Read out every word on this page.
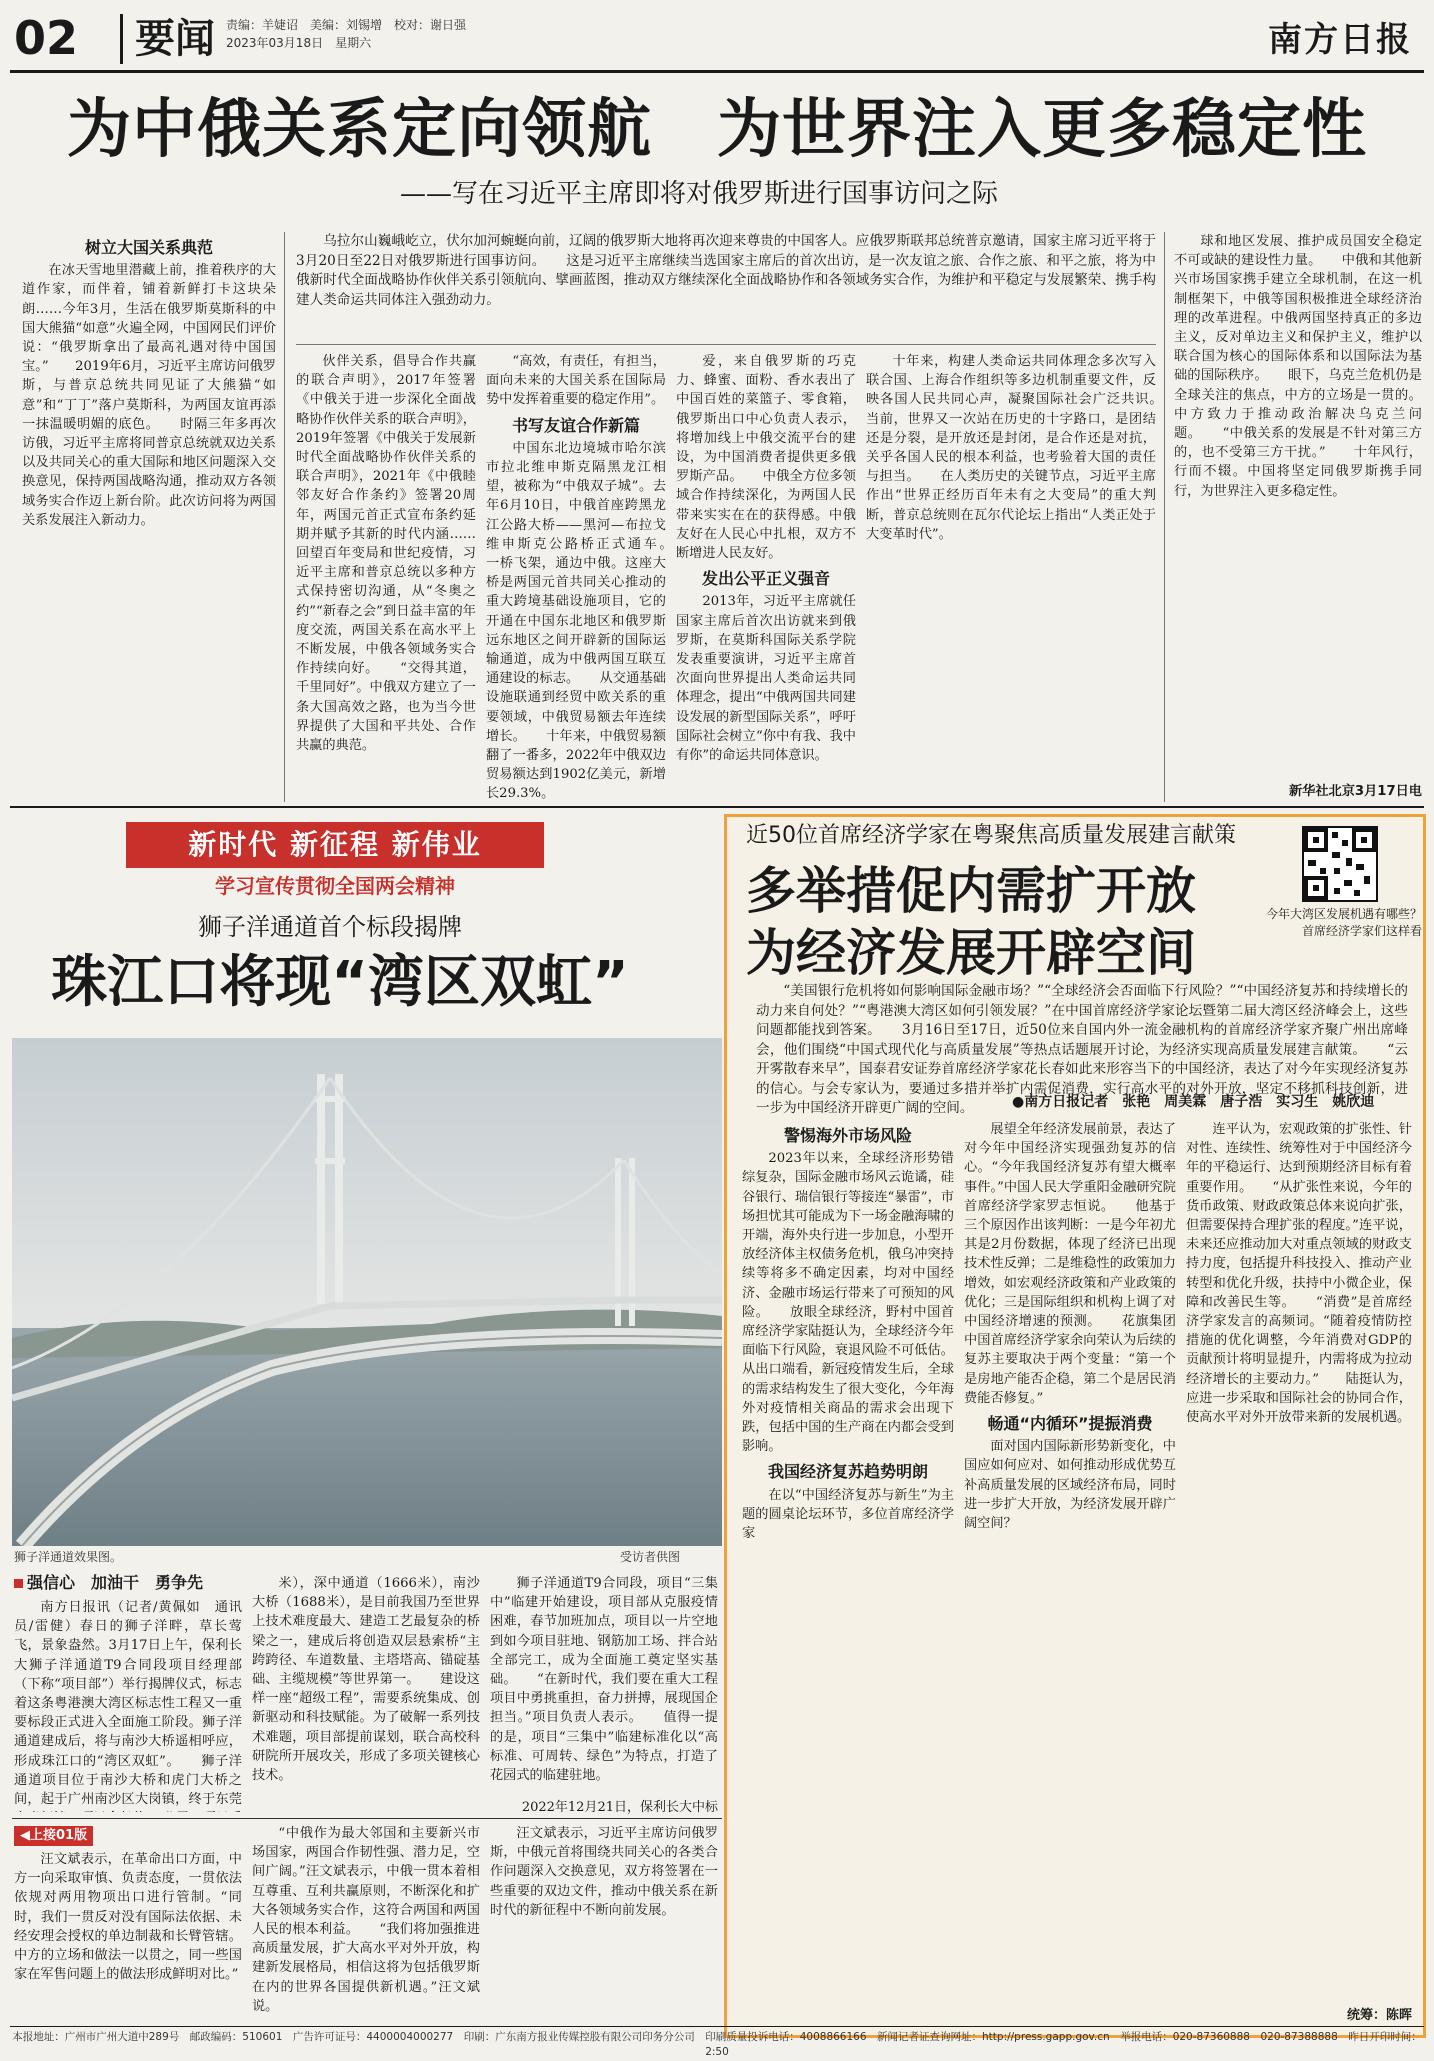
02	要闻 责编：羊婕诏　美编：刘锡增　校对：谢日强
2023年03月18日　星期六	南方日报
为中俄关系定向领航　为世界注入更多稳定性
——写在习近平主席即将对俄罗斯进行国事访问之际
树立大国关系典范

在冰天雪地里潜藏上前，推着秩序的大道作家，而伴着，铺着新鲜打卡这块朵朗……今年3月，生活在俄罗斯莫斯科的中国大熊猫“如意”火遍全网，中国网民们评价说：“俄罗斯拿出了最高礼遇对待中国国宝。”　　2019年6月，习近平主席访问俄罗斯，与普京总统共同见证了大熊猫“如意”和“丁丁”落户莫斯科，为两国友谊再添一抹温暖明媚的底色。　　时隔三年多再次访俄，习近平主席将同普京总统就双边关系以及共同关心的重大国际和地区问题深入交换意见，保持两国战略沟通，推动双方各领域务实合作迈上新台阶。此次访问将为两国关系发展注入新动力。

乌拉尔山巍峨屹立，伏尔加河蜿蜒向前，辽阔的俄罗斯大地将再次迎来尊贵的中国客人。应俄罗斯联邦总统普京邀请，国家主席习近平将于3月20日至22日对俄罗斯进行国事访问。　　这是习近平主席继续当选国家主席后的首次出访，是一次友谊之旅、合作之旅、和平之旅，将为中俄新时代全面战略协作伙伴关系引领航向、擘画蓝图，推动双方继续深化全面战略协作和各领域务实合作，为维护和平稳定与发展繁荣、携手构建人类命运共同体注入强劲动力。

伙伴关系，倡导合作共赢的联合声明》，2017年签署《中俄关于进一步深化全面战略协作伙伴关系的联合声明》，2019年签署《中俄关于发展新时代全面战略协作伙伴关系的联合声明》，2021年《中俄睦邻友好合作条约》签署20周年，两国元首正式宣布条约延期并赋予其新的时代内涵……　　回望百年变局和世纪疫情，习近平主席和普京总统以多种方式保持密切沟通，从“冬奥之约”“新春之会”到日益丰富的年度交流，两国关系在高水平上不断发展，中俄各领域务实合作持续向好。　　“交得其道，千里同好”。中俄双方建立了一条大国高效之路，也为当今世界提供了大国和平共处、合作共赢的典范。

“高效，有责任，有担当，面向未来的大国关系在国际局势中发挥着重要的稳定作用”。

书写友谊合作新篇

中国东北边境城市哈尔滨市拉北维申斯克隔黑龙江相望，被称为“中俄双子城”。去年6月10日，中俄首座跨黑龙江公路大桥——黑河—布拉戈维申斯克公路桥正式通车。　　一桥飞架，通边中俄。这座大桥是两国元首共同关心推动的重大跨境基础设施项目，它的开通在中国东北地区和俄罗斯远东地区之间开辟新的国际运输通道，成为中俄两国互联互通建设的标志。　　从交通基础设施联通到经贸中欧关系的重要领域，中俄贸易额去年连续增长。　　十年来，中俄贸易额翻了一番多，2022年中俄双边贸易额达到1902亿美元，新增长29.3%。

爱，来自俄罗斯的巧克力、蜂蜜、面粉、香水表出了中国百姓的菜篮子、零食箱，俄罗斯出口中心负责人表示，将增加线上中俄交流平台的建设，为中国消费者提供更多俄罗斯产品。　　中俄全方位多领域合作持续深化，为两国人民带来实实在在的获得感。中俄友好在人民心中扎根，双方不断增进人民友好。

发出公平正义强音

2013年，习近平主席就任国家主席后首次出访就来到俄罗斯，在莫斯科国际关系学院发表重要演讲，习近平主席首次面向世界提出人类命运共同体理念，提出“中俄两国共同建设发展的新型国际关系”，呼吁国际社会树立“你中有我、我中有你”的命运共同体意识。

十年来，构建人类命运共同体理念多次写入联合国、上海合作组织等多边机制重要文件，反映各国人民共同心声，凝聚国际社会广泛共识。　　当前，世界又一次站在历史的十字路口，是团结还是分裂，是开放还是封闭，是合作还是对抗，关乎各国人民的根本利益，也考验着大国的责任与担当。　　在人类历史的关键节点，习近平主席作出“世界正经历百年未有之大变局”的重大判断，普京总统则在瓦尔代论坛上指出“人类正处于大变革时代”。

球和地区发展、推护成员国安全稳定不可或缺的建设性力量。　　中俄和其他新兴市场国家携手建立全球机制，在这一机制框架下，中俄等国积极推进全球经济治理的改革进程。中俄两国坚持真正的多边主义，反对单边主义和保护主义，维护以联合国为核心的国际体系和以国际法为基础的国际秩序。　　眼下，乌克兰危机仍是全球关注的焦点，中方的立场是一贯的。中方致力于推动政治解决乌克兰问题。　　“中俄关系的发展是不针对第三方的，也不受第三方干扰。”　　十年风行，行而不辍。中国将坚定同俄罗斯携手同行，为世界注入更多稳定性。

新华社北京3月17日电
新时代 新征程 新伟业
学习宣传贯彻全国两会精神
狮子洋通道首个标段揭牌
珠江口将现“湾区双虹”
狮子洋通道效果图。	受访者供图
强信心　加油干　勇争先

南方日报讯（记者/黄佩如　通讯员/雷健）春日的狮子洋畔，草长莺飞，景象盎然。3月17日上午，保利长大狮子洋通道T9合同段项目经理部（下称“项目部”）举行揭牌仪式，标志着这条粤港澳大湾区标志性工程又一重要标段正式进入全面施工阶段。狮子洋通道建成后，将与南沙大桥遥相呼应，形成珠江口的“湾区双虹”。　　狮子洋通道项目位于南沙大桥和虎门大桥之间，起于广州南沙区大岗镇，终于东莞

米），深中通道（1666米），南沙大桥（1688米），是目前我国乃至世界上技术难度最大、建造工艺最复杂的桥梁之一，建成后将创造双层悬索桥“主跨跨径、车道数量、主塔塔高、锚碇基础、主缆规模”等世界第一。　　建设这样一座“超级工程”，需要系统集成、创新驱动和科技赋能。为了破解一系列技术难题，项目部提前谋划，联合高校科研院所开展攻关，形成了多项关键核心技术。

狮子洋通道T9合同段，项目“三集中”临建开始建设，项目部从克服疫情困难，春节加班加点，项目以一片空地到如今项目驻地、钢筋加工场、拌合站全部完工，成为全面施工奠定坚实基础。　　“在新时代，我们要在重大工程项目中勇挑重担，奋力拼搏，展现国企担当。”项目负责人表示。　　值得一提的是，项目“三集中”临建标准化以“高标准、可周转、绿色”为特点，打造了花园式的临建驻地。

2022年12月21日，保利长大中标
◀上接01版

汪文斌表示，在革命出口方面，中方一向采取审慎、负责态度，一贯依法依规对两用物项出口进行管制。“同时，我们一贯反对没有国际法依据、未经安理会授权的单边制裁和长臂管辖。中方的立场和做法一以贯之，同一些国家在军售问题上的做法形成鲜明对比。”

“中俄作为最大邻国和主要新兴市场国家，两国合作韧性强、潜力足，空间广阔。”汪文斌表示，中俄一贯本着相互尊重、互利共赢原则，不断深化和扩大各领域务实合作，这符合两国和两国人民的根本利益。　　“我们将加强推进高质量发展，扩大高水平对外开放，构建新发展格局，相信这将为包括俄罗斯在内的世界各国提供新机遇。”汪文斌说。

汪文斌表示，习近平主席访问俄罗斯，中俄元首将围绕共同关心的各类合作问题深入交换意见，双方将签署在一些重要的双边文件，推动中俄关系在新时代的新征程中不断向前发展。

近50位首席经济学家在粤聚焦高质量发展建言献策
多举措促内需扩开放
为经济发展开辟空间
今年大湾区发展机遇有哪些？
首席经济学家们这样看

“美国银行危机将如何影响国际金融市场？”“全球经济会否面临下行风险？”“中国经济复苏和持续增长的动力来自何处？”“粤港澳大湾区如何引领发展？”在中国首席经济学家论坛暨第二届大湾区经济峰会上，这些问题都能找到答案。　　3月16日至17日，近50位来自国内外一流金融机构的首席经济学家齐聚广州出席峰会，他们围绕“中国式现代化与高质量发展”等热点话题展开讨论，为经济实现高质量发展建言献策。　　“云开雾散春来早”，国泰君安证券首席经济学家花长春如此来形容当下的中国经济，表达了对今年实现经济复苏的信心。与会专家认为，要通过多措并举扩内需促消费，实行高水平的对外开放，坚定不移抓科技创新，进一步为中国经济开辟更广阔的空间。	●南方日报记者　张艳　周美霖　唐子浩　实习生　姚欣迪
警惕海外市场风险

2023年以来，全球经济形势错综复杂，国际金融市场风云诡谲，硅谷银行、瑞信银行等接连“暴雷”，市场担忧其可能成为下一场金融海啸的开端，海外央行进一步加息，小型开放经济体主权债务危机，俄乌冲突持续等将多不确定因素，均对中国经济、金融市场运行带来了可预知的风险。　　放眼全球经济，野村中国首席经济学家陆挺认为，全球经济今年面临下行风险，衰退风险不可低估。从出口端看，新冠疫情发生后，全球的需求结构发生了很大变化，今年海外对疫情相关商品的需求会出现下跌，包括中国的生产商在内都会受到影响。

我国经济复苏趋势明朗

在以“中国经济复苏与新生”为主题的圆桌论坛环节，多位首席经济学家

展望全年经济发展前景，表达了对今年中国经济实现强劲复苏的信心。“今年我国经济复苏有望大概率事件。”中国人民大学重阳金融研究院首席经济学家罗志恒说。　　他基于三个原因作出该判断：一是今年初尤其是2月份数据，体现了经济已出现技术性反弹；二是维稳性的政策加力增效，如宏观经济政策和产业政策的优化；三是国际组织和机构上调了对中国经济增速的预测。　　花旗集团中国首席经济学家余向荣认为后续的复苏主要取决于两个变量：“第一个是房地产能否企稳，第二个是居民消费能否修复。”

畅通“内循环”提振消费

面对国内国际新形势新变化，中国应如何应对、如何推动形成优势互补高质量发展的区域经济布局，同时进一步扩大开放，为经济发展开辟广阔空间？

连平认为，宏观政策的扩张性、针对性、连续性、统筹性对于中国经济今年的平稳运行、达到预期经济目标有着重要作用。　　“从扩张性来说，今年的货币政策、财政政策总体来说向扩张，但需要保持合理扩张的程度。”连平说，未来还应推动加大对重点领域的财政支持力度，包括提升科技投入、推动产业转型和优化升级，扶持中小微企业，保障和改善民生等。　　“消费”是首席经济学家发言的高频词。“随着疫情防控措施的优化调整，今年消费对GDP的贡献预计将明显提升，内需将成为拉动经济增长的主要动力。”　　陆挺认为，应进一步采取和国际社会的协同合作，使高水平对外开放带来新的发展机遇。

统筹：陈晖
本报地址：广州市广州大道中289号　邮政编码：510601　广告许可证号：4400004000277　印刷：广东南方报业传媒控股有限公司印务分公司　印刷质量投诉电话：4008866166　新闻记者证查询网址：http://press.gapp.gov.cn　举报电话：020-87360888　020-87388888　昨日开印时间：2:50
